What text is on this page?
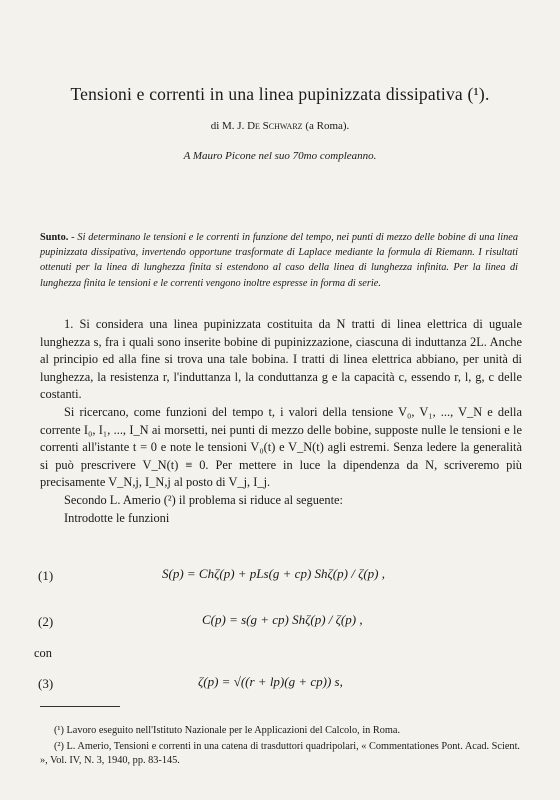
Tensioni e correnti in una linea pupinizzata dissipativa (¹).
di M. J. De Schwarz (a Roma).
A Mauro Picone nel suo 70mo compleanno.
Sunto. - Si determinano le tensioni e le correnti in funzione del tempo, nei punti di mezzo delle bobine di una linea pupinizzata dissipativa, invertendo opportune trasformate di Laplace mediante la formula di Riemann. I risultati ottenuti per la linea di lunghezza finita si estendono al caso della linea di lunghezza infinita. Per la linea di lunghezza finita le tensioni e le correnti vengono inoltre espresse in forma di serie.

1. Si considera una linea pupinizzata costituita da N tratti di linea elettrica di uguale lunghezza s, fra i quali sono inserite bobine di pupinizzazione, ciascuna di induttanza 2L. Anche al principio ed alla fine si trova una tale bobina. I tratti di linea elettrica abbiano, per unità di lunghezza, la resistenza r, l'induttanza l, la conduttanza g e la capacità c, essendo r, l, g, c delle costanti.

Si ricercano, come funzioni del tempo t, i valori della tensione V₀, V₁, ..., V_N e della corrente I₀, I₁, ..., I_N ai morsetti, nei punti di mezzo delle bobine, supposte nulle le tensioni e le correnti all'istante t = 0 e note le tensioni V₀(t) e V_N(t) agli estremi. Senza ledere la generalità si può prescrivere V_N(t) ≡ 0. Per mettere in luce la dipendenza da N, scriveremo più precisamente V_N,j, I_N,j al posto di V_j, I_j.

Secondo L. Amerio (²) il problema si riduce al seguente:

Introdotte le funzioni

(1)	S(p) = Chζ(p) + pLs(g + cp) Shζ(p) / ζ(p) ,
(2)	C(p) = s(g + cp) Shζ(p) / ζ(p) ,
con
(3)	ζ(p) = √((r + lp)(g + cp)) s,

(¹) Lavoro eseguito nell'Istituto Nazionale per le Applicazioni del Calcolo, in Roma.

(²) L. Amerio, Tensioni e correnti in una catena di trasduttori quadripolari, « Commentationes Pont. Acad. Scient. », Vol. IV, N. 3, 1940, pp. 83-145.
